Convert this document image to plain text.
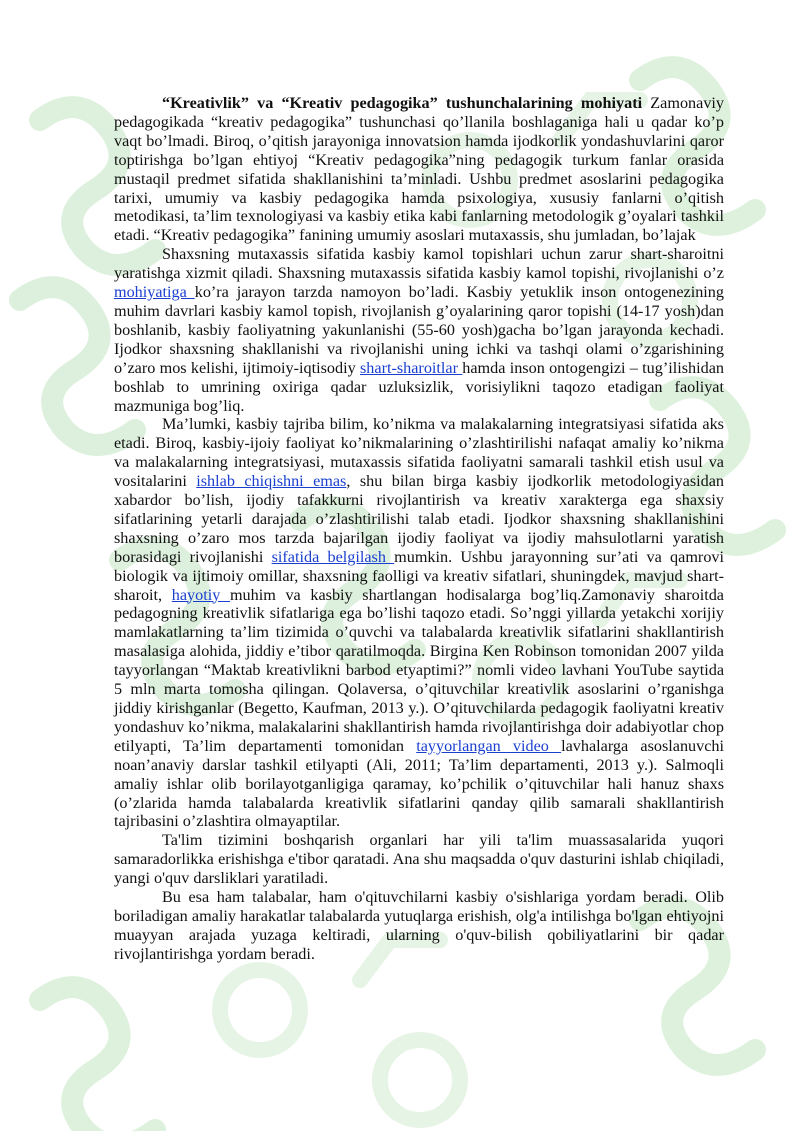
“Kreativlik” va “Kreativ pedagogika” tushunchalarining mohiyati Zamonaviy pedagogikada “kreativ pedagogika” tushunchasi qo’llanila boshlaganiga hali u qadar ko’p vaqt bo’lmadi. Biroq, o’qitish jarayoniga innovatsion hamda ijodkorlik yondashuvlarini qaror toptirishga bo’lgan ehtiyoj “Kreativ pedagogika”ning pedagogik turkum fanlar orasida mustaqil predmet sifatida shakllanishini ta’minladi. Ushbu predmet asoslarini pedagogika tarixi, umumiy va kasbiy pedagogika hamda psixologiya, xususiy fanlarni o’qitish metodikasi, ta’lim texnologiyasi va kasbiy etika kabi fanlarning metodologik g’oyalari tashkil etadi. “Kreativ pedagogika” fanining umumiy asoslari mutaxassis, shu jumladan, bo’lajak

Shaxsning mutaxassis sifatida kasbiy kamol topishlari uchun zarur shart-sharoitni yaratishga xizmit qiladi. Shaxsning mutaxassis sifatida kasbiy kamol topishi, rivojlanishi o’z mohiyatiga ko’ra jarayon tarzda namoyon bo’ladi. Kasbiy yetuklik inson ontogenezining muhim davrlari kasbiy kamol topish, rivojlanish g’oyalarining qaror topishi (14-17 yosh)dan boshlanib, kasbiy faoliyatning yakunlanishi (55-60 yosh)gacha bo’lgan jarayonda kechadi. Ijodkor shaxsning shakllanishi va rivojlanishi uning ichki va tashqi olami o’zgarishining o’zaro mos kelishi, ijtimoiy-iqtisodiy shart-sharoitlar hamda inson ontogengizi – tug’ilishidan boshlab to umrining oxiriga qadar uzluksizlik, vorisiylikni taqozo etadigan faoliyat mazmuniga bog’liq.

Ma’lumki, kasbiy tajriba bilim, ko’nikma va malakalarning integratsiyasi sifatida aks etadi. Biroq, kasbiy-ijoiy faoliyat ko’nikmalarining o’zlashtirilishi nafaqat amaliy ko’nikma va malakalarning integratsiyasi, mutaxassis sifatida faoliyatni samarali tashkil etish usul va vositalarini ishlab chiqishni emas, shu bilan birga kasbiy ijodkorlik metodologiyasidan xabardor bo’lish, ijodiy tafakkurni rivojlantirish va kreativ xarakterga ega shaxsiy sifatlarining yetarli darajada o’zlashtirilishi talab etadi. Ijodkor shaxsning shakllanishini shaxsning o’zaro mos tarzda bajarilgan ijodiy faoliyat va ijodiy mahsulotlarni yaratish borasidagi rivojlanishi sifatida belgilash mumkin. Ushbu jarayonning sur’ati va qamrovi biologik va ijtimoiy omillar, shaxsning faolligi va kreativ sifatlari, shuningdek, mavjud shart-sharoit, hayotiy muhim va kasbiy shartlangan hodisalarga bog’liq.Zamonaviy sharoitda pedagogning kreativlik sifatlariga ega bo’lishi taqozo etadi. So’nggi yillarda yetakchi xorijiy mamlakatlarning ta’lim tizimida o’quvchi va talabalarda kreativlik sifatlarini shakllantirish masalasiga alohida, jiddiy e’tibor qaratilmoqda. Birgina Ken Robinson tomonidan 2007 yilda tayyorlangan “Maktab kreativlikni barbod etyaptimi?” nomli video lavhani YouTube saytida 5 mln marta tomosha qilingan. Qolaversa, o’qituvchilar kreativlik asoslarini o’rganishga jiddiy kirishganlar (Begetto, Kaufman, 2013 y.). O’qituvchilarda pedagogik faoliyatni kreativ yondashuv ko’nikma, malakalarini shakllantirish hamda rivojlantirishga doir adabiyotlar chop etilyapti, Ta’lim departamenti tomonidan tayyorlangan video lavhalarga asoslanuvchi noan’anaviy darslar tashkil etilyapti (Ali, 2011; Ta’lim departamenti, 2013 y.). Salmoqli amaliy ishlar olib borilayotganligiga qaramay, ko’pchilik o’qituvchilar hali hanuz shaxs (o’zlarida hamda talabalarda kreativlik sifatlarini qanday qilib samarali shakllantirish tajribasini o’zlashtira olmayaptilar.

Ta'lim tizimini boshqarish organlari har yili ta'lim muassasalarida yuqori samaradorlikka erishishga e'tibor qaratadi. Ana shu maqsadda o'quv dasturini ishlab chiqiladi, yangi o'quv darsliklari yaratiladi.

Bu esa ham talabalar, ham o'qituvchilarni kasbiy o'sishlariga yordam beradi. Olib boriladigan amaliy harakatlar talabalarda yutuqlarga erishish, olg'a intilishga bo'lgan ehtiyojni muayyan arajada yuzaga keltiradi, ularning o'quv-bilish qobiliyatlarini bir qadar rivojlantirishga yordam beradi.
